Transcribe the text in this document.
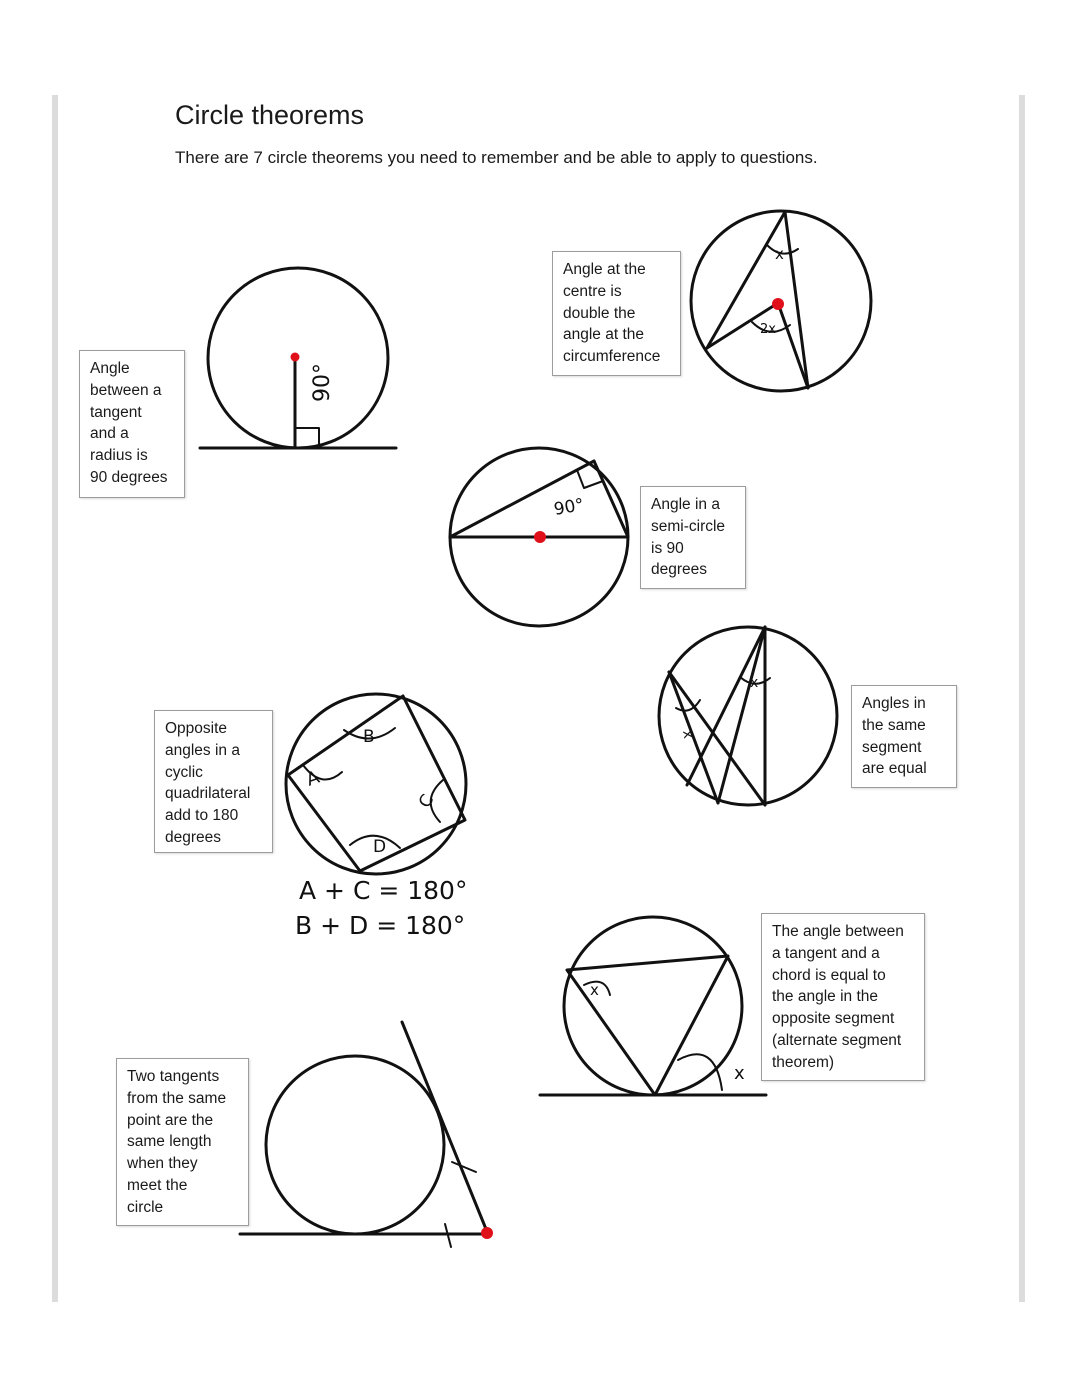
Circle theorems

There are 7 circle theorems you need to remember and be able to apply to questions.

Angle
between a
tangent
and a
radius is
90 degrees
Angle at the
centre is
double the
angle at the
circumference
Angle in a
semi-circle
is 90
degrees
Angles in
the same
segment
are equal
Opposite
angles in a
cyclic
quadrilateral
add to 180
degrees
The angle between
a tangent and a
chord is equal to
the angle in the
opposite segment
(alternate segment
theorem)
Two tangents
from the same
point are the
same length
when they
meet the
circle
90°
x
2x
90°
x
x
A
B
C
D
A + C = 180°
B + D = 180°
x
x
